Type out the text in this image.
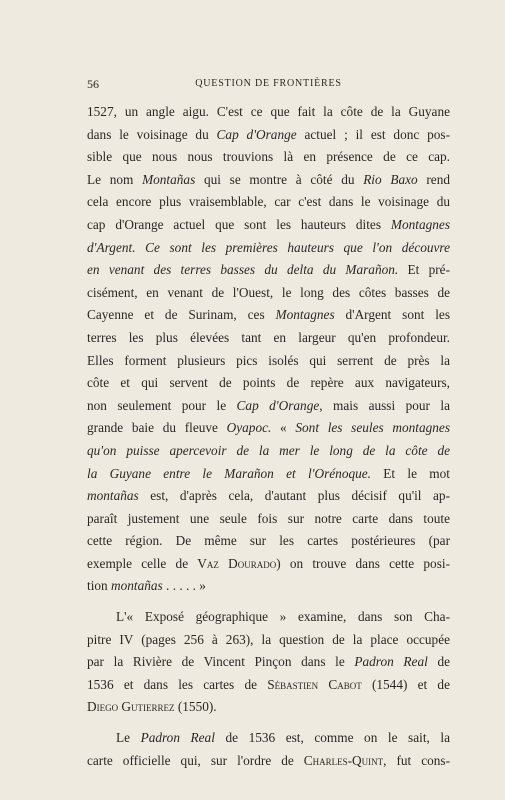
56	QUESTION DE FRONTIÈRES
1527, un angle aigu. C'est ce que fait la côte de la Guyane
dans le voisinage du Cap d'Orange actuel ; il est donc pos-
sible que nous nous trouvions là en présence de ce cap.
Le nom Montañas qui se montre à côté du Rio Baxo rend
cela encore plus vraisemblable, car c'est dans le voisinage du
cap d'Orange actuel que sont les hauteurs dites Montagnes
d'Argent. Ce sont les premières hauteurs que l'on découvre
en venant des terres basses du delta du Marañon. Et pré-
cisément, en venant de l'Ouest, le long des côtes basses de
Cayenne et de Surinam, ces Montagnes d'Argent sont les
terres les plus élevées tant en largeur qu'en profondeur.
Elles forment plusieurs pics isolés qui serrent de près la
côte et qui servent de points de repère aux navigateurs,
non seulement pour le Cap d'Orange, mais aussi pour la
grande baie du fleuve Oyapoc. « Sont les seules montagnes
qu'on puisse apercevoir de la mer le long de la côte de
la Guyane entre le Marañon et l'Orénoque. Et le mot
montañas est, d'après cela, d'autant plus décisif qu'il ap-
paraît justement une seule fois sur notre carte dans toute
cette région. De même sur les cartes postérieures (par
exemple celle de Vaz Dourado) on trouve dans cette posi-
tion montañas . . . . . »
L'« Exposé géographique » examine, dans son Cha-
pitre IV (pages 256 à 263), la question de la place occupée
par la Rivière de Vincent Pinçon dans le Padron Real de
1536 et dans les cartes de Sébastien Cabot (1544) et de
Diego Gutierrez (1550).
Le Padron Real de 1536 est, comme on le sait, la
carte officielle qui, sur l'ordre de Charles-Quint, fut cons-
